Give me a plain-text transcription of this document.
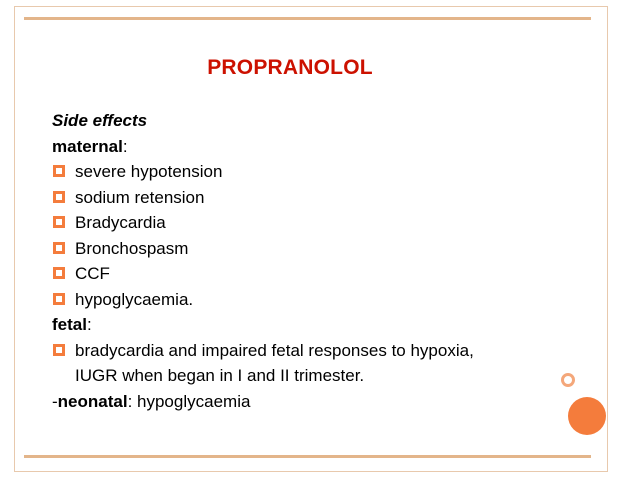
PROPRANOLOL
Side effects
maternal :
severe hypotension
sodium retension
Bradycardia
Bronchospasm
CCF
hypoglycaemia.
fetal :
bradycardia and impaired fetal responses to hypoxia,
IUGR when began in I and II trimester.
- neonatal : hypoglycaemia
